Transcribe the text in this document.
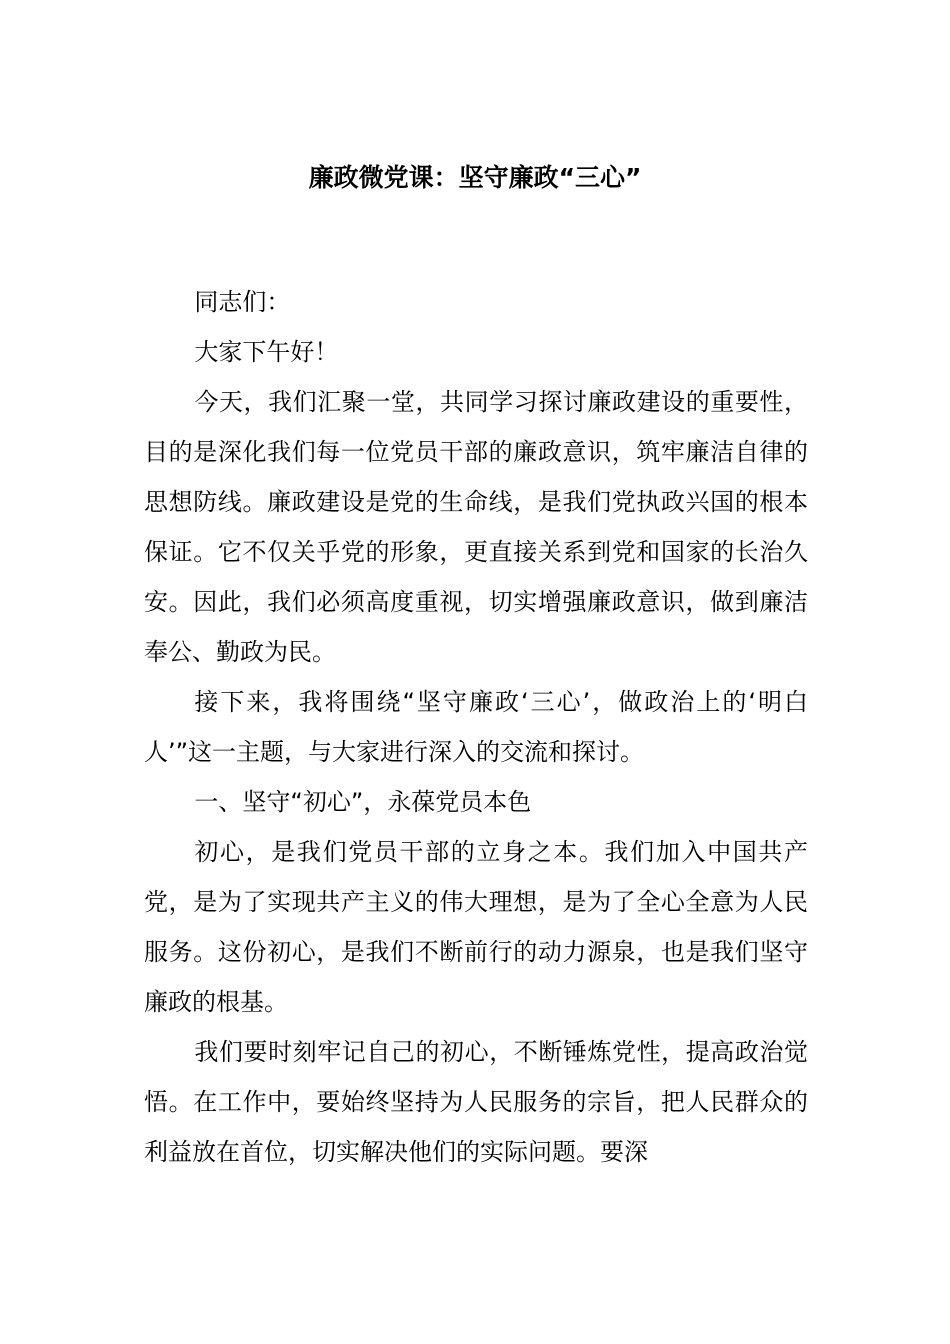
廉政微党课：坚守廉政“三心”

同志们：

大家下午好！

今天，我们汇聚一堂，共同学习探讨廉政建设的重要性，目的是深化我们每一位党员干部的廉政意识，筑牢廉洁自律的思想防线。廉政建设是党的生命线，是我们党执政兴国的根本保证。它不仅关乎党的形象，更直接关系到党和国家的长治久安。因此，我们必须高度重视，切实增强廉政意识，做到廉洁奉公、勤政为民。

接下来，我将围绕“坚守廉政‘三心’，做政治上的‘明白人’”这一主题，与大家进行深入的交流和探讨。

一、坚守“初心”，永葆党员本色

初心，是我们党员干部的立身之本。我们加入中国共产党，是为了实现共产主义的伟大理想，是为了全心全意为人民服务。这份初心，是我们不断前行的动力源泉，也是我们坚守廉政的根基。

我们要时刻牢记自己的初心，不断锤炼党性，提高政治觉悟。在工作中，要始终坚持为人民服务的宗旨，把人民群众的利益放在首位，切实解决他们的实际问题。要深
